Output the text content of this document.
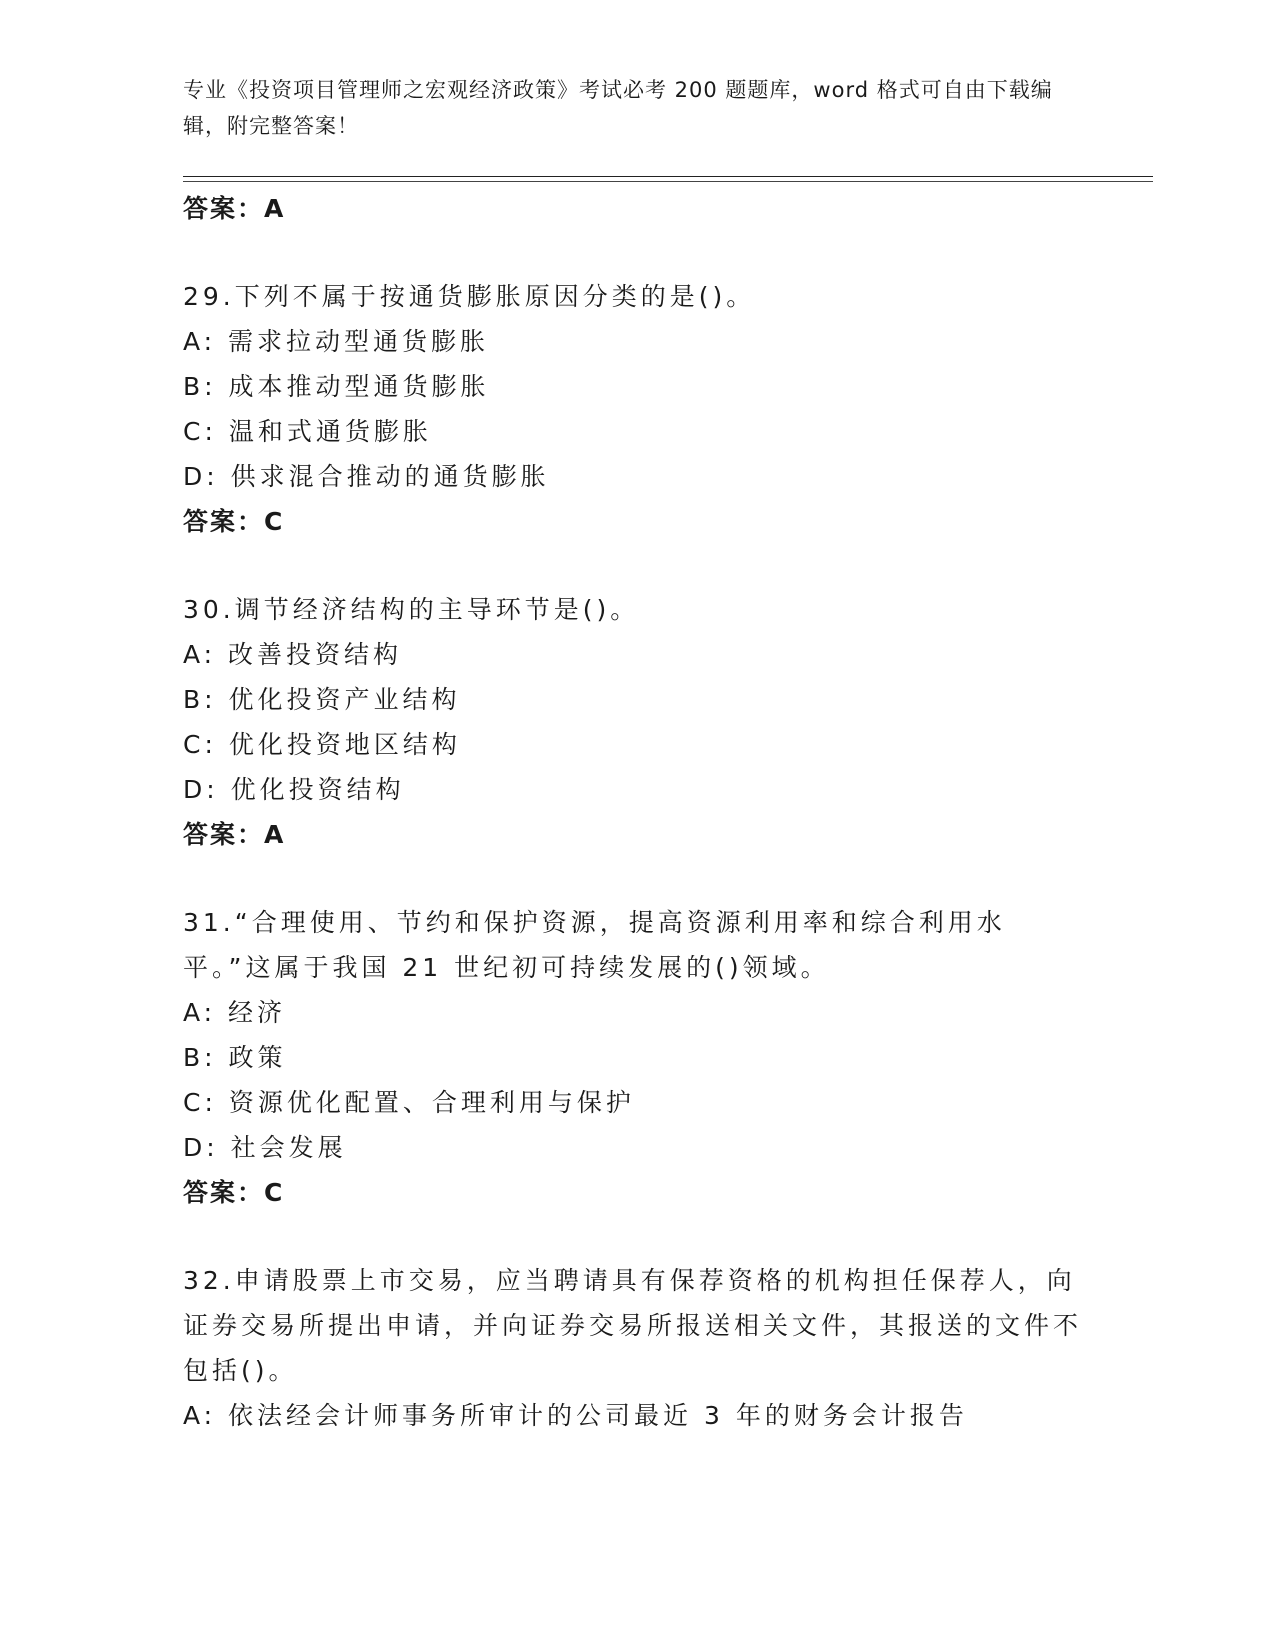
专业《投资项目管理师之宏观经济政策》考试必考 200 题题库，word 格式可自由下载编辑，附完整答案！
答案：A
29.下列不属于按通货膨胀原因分类的是()。
A: 需求拉动型通货膨胀
B: 成本推动型通货膨胀
C: 温和式通货膨胀
D: 供求混合推动的通货膨胀
答案：C
30.调节经济结构的主导环节是()。
A: 改善投资结构
B: 优化投资产业结构
C: 优化投资地区结构
D: 优化投资结构
答案：A
31.“合理使用、节约和保护资源，提高资源利用率和综合利用水平。”这属于我国 21 世纪初可持续发展的()领域。
A: 经济
B: 政策
C: 资源优化配置、合理利用与保护
D: 社会发展
答案：C
32.申请股票上市交易，应当聘请具有保荐资格的机构担任保荐人，向证券交易所提出申请，并向证券交易所报送相关文件，其报送的文件不包括()。
A: 依法经会计师事务所审计的公司最近 3 年的财务会计报告
